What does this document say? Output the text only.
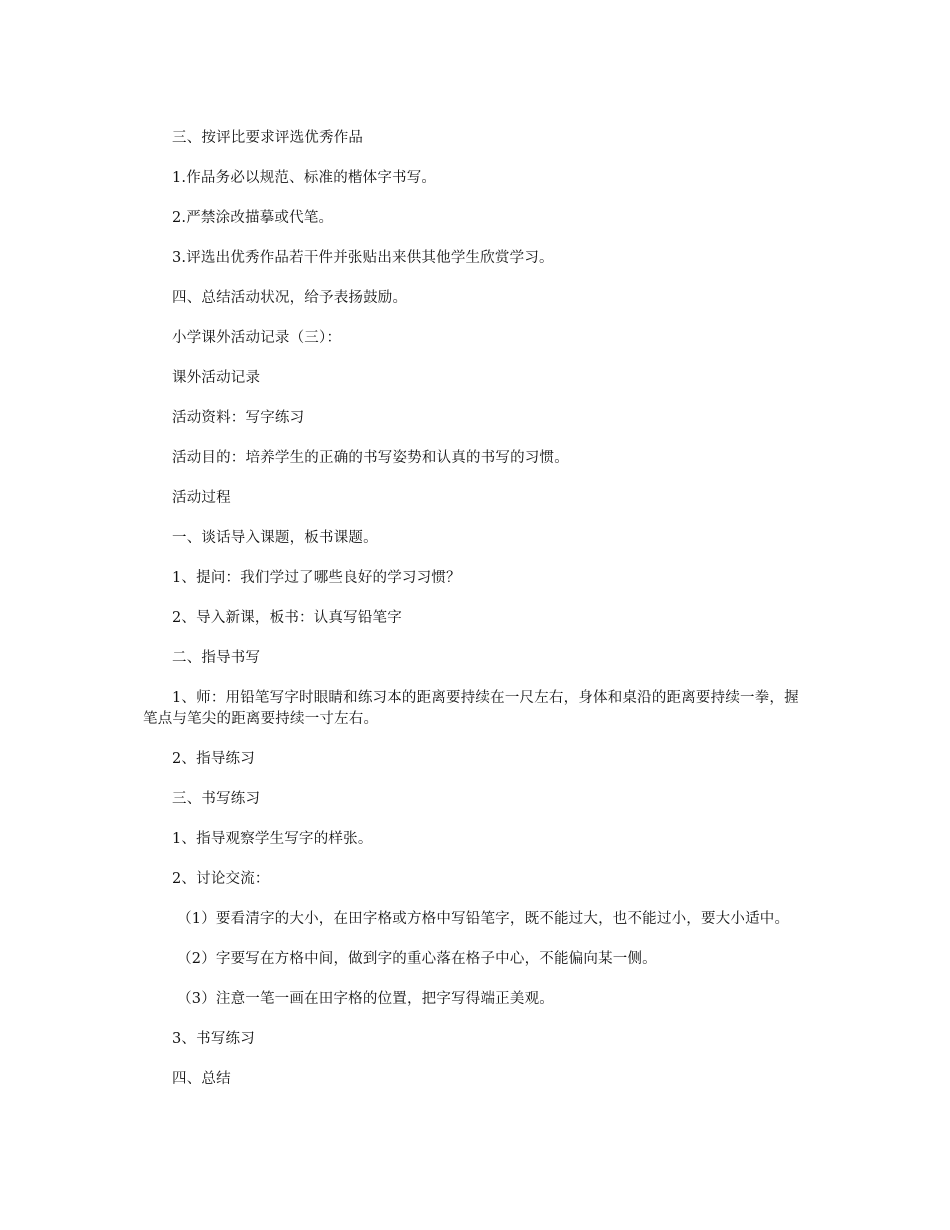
三、按评比要求评选优秀作品

1.作品务必以规范、标准的楷体字书写。

2.严禁涂改描摹或代笔。

3.评选出优秀作品若干件并张贴出来供其他学生欣赏学习。

四、总结活动状况，给予表扬鼓励。

小学课外活动记录（三）：

课外活动记录

活动资料：写字练习

活动目的：培养学生的正确的书写姿势和认真的书写的习惯。

活动过程

一、谈话导入课题，板书课题。

1、提问：我们学过了哪些良好的学习习惯？

2、导入新课，板书：认真写铅笔字

二、指导书写

1、师：用铅笔写字时眼睛和练习本的距离要持续在一尺左右，身体和桌沿的距离要持续一拳，握笔点与笔尖的距离要持续一寸左右。

2、指导练习

三、书写练习

1、指导观察学生写字的样张。

2、讨论交流：

（1）要看清字的大小，在田字格或方格中写铅笔字，既不能过大，也不能过小，要大小适中。

（2）字要写在方格中间，做到字的重心落在格子中心，不能偏向某一侧。

（3）注意一笔一画在田字格的位置，把字写得端正美观。

3、书写练习

四、总结
